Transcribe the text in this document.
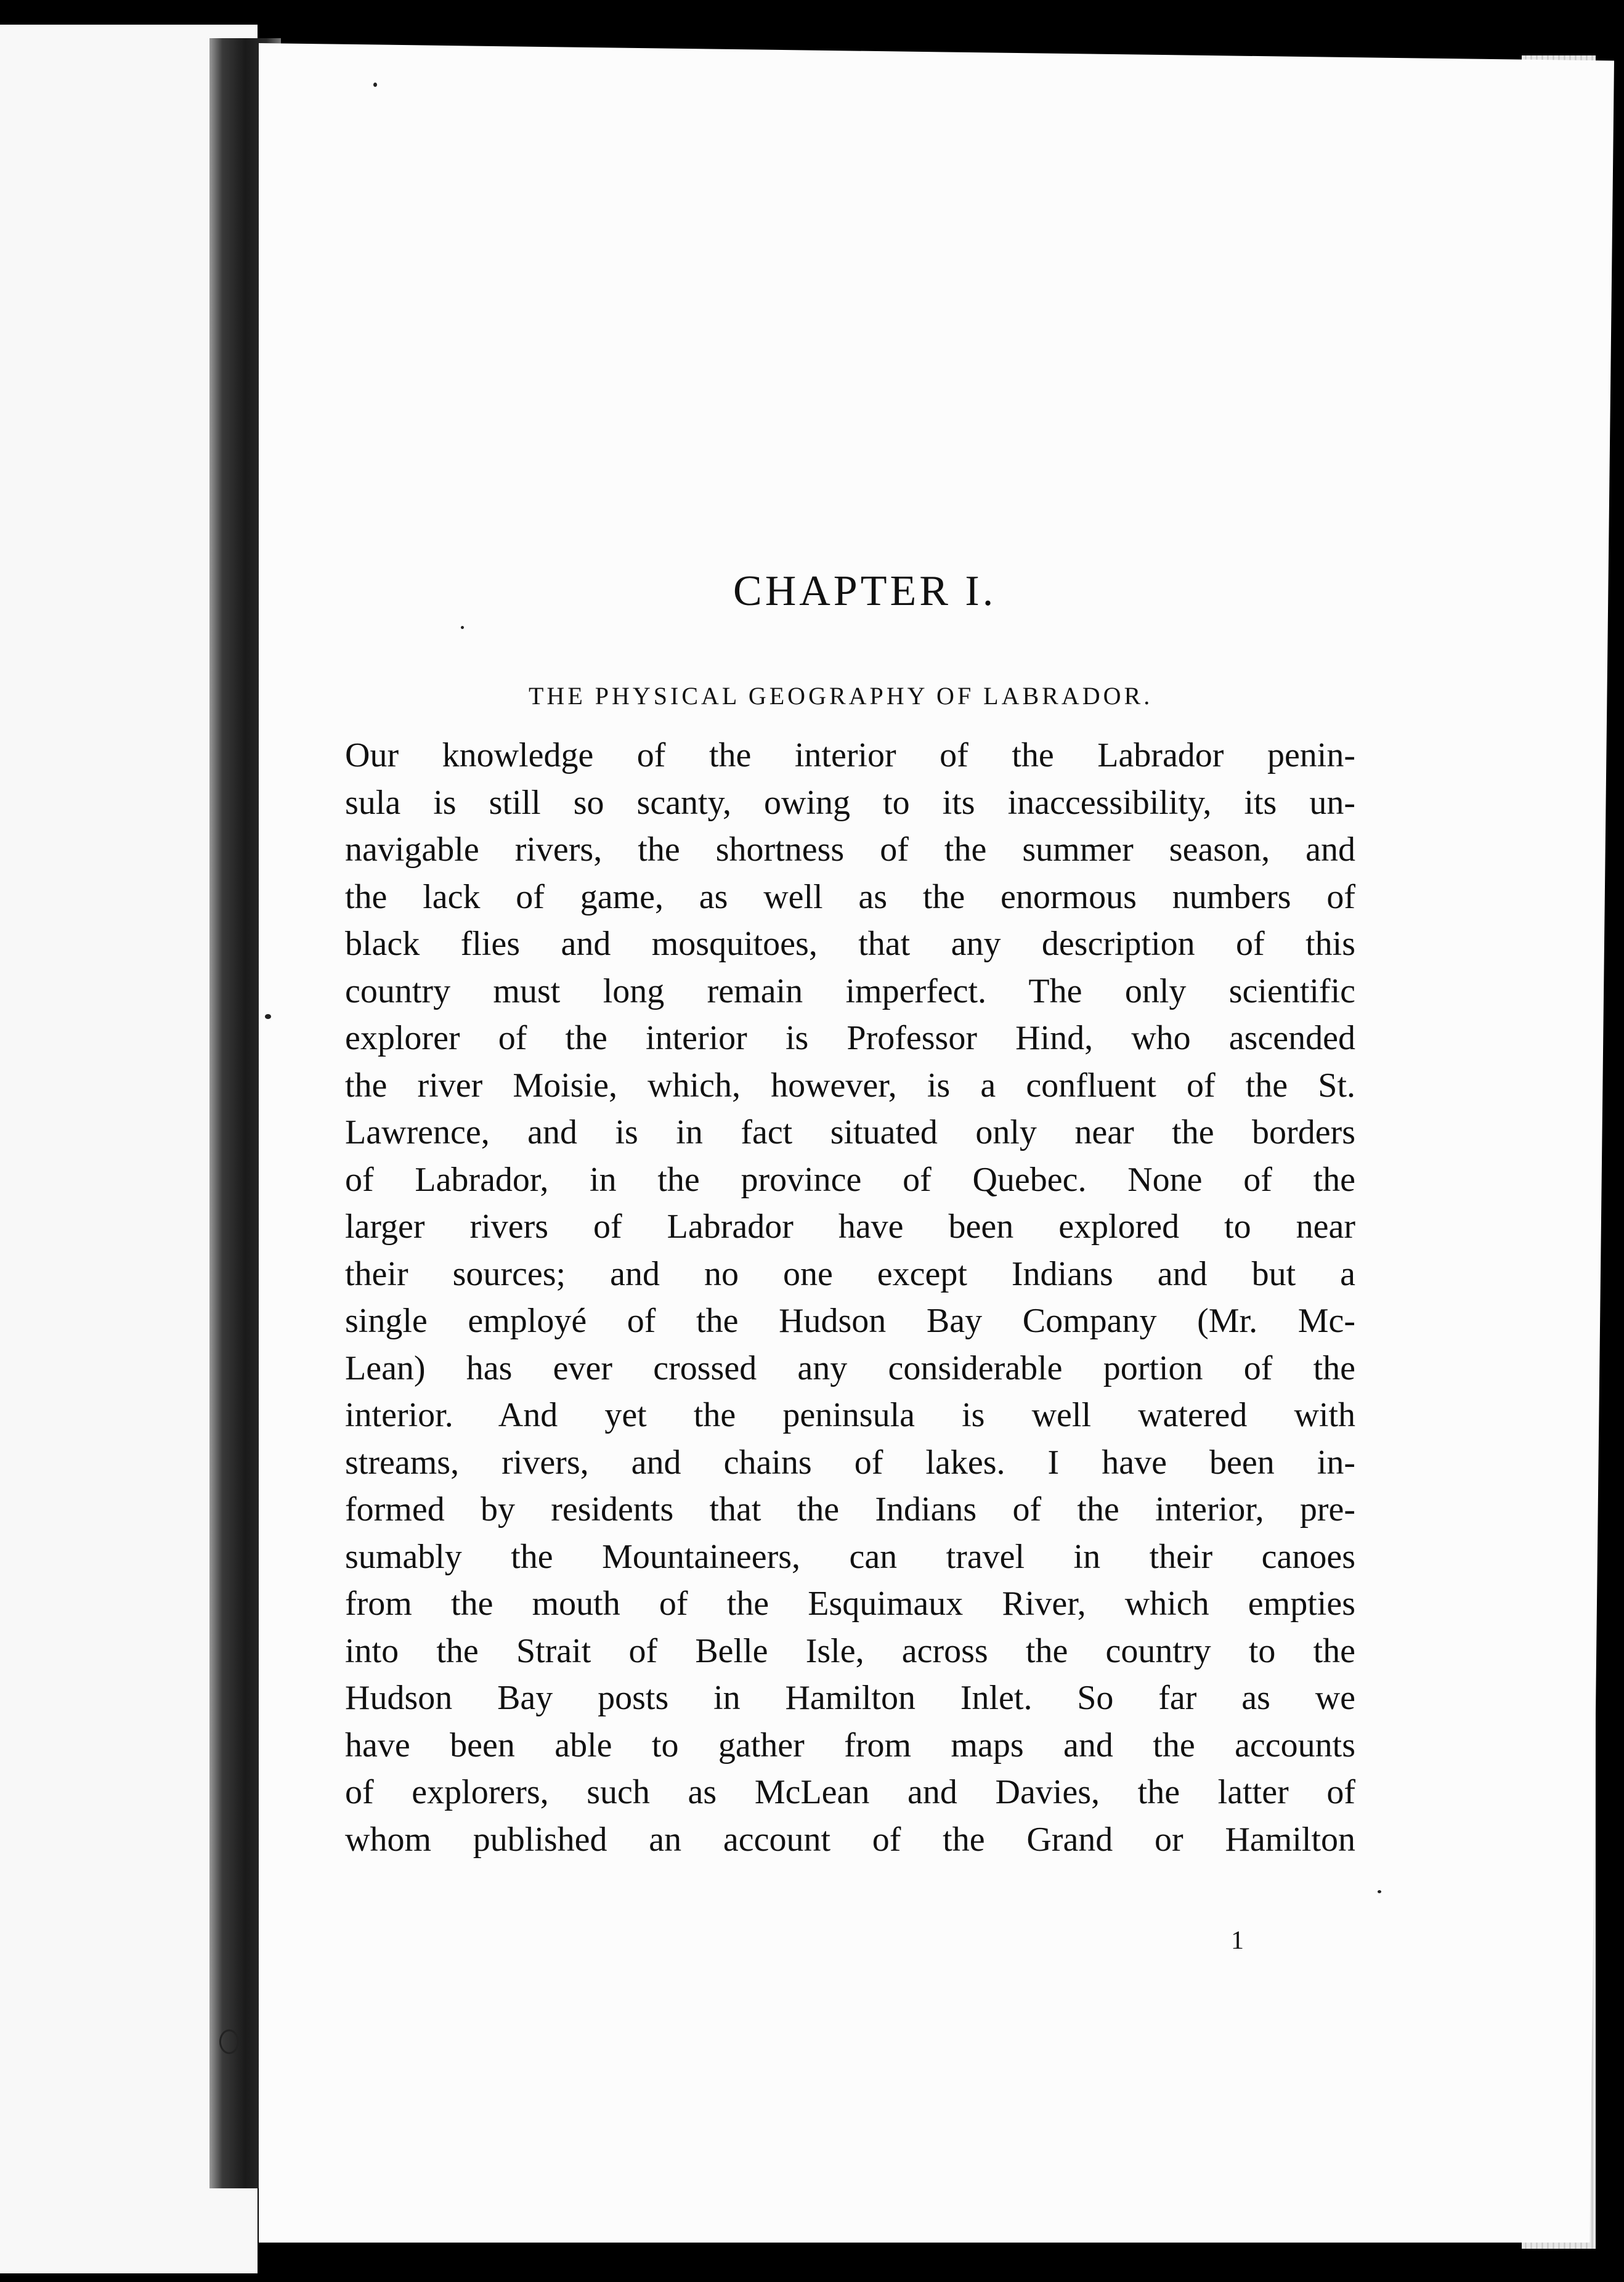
CHAPTER I.
THE PHYSICAL GEOGRAPHY OF LABRADOR.
Our knowledge of the interior of the Labrador penin-
sula is still so scanty, owing to its inaccessibility, its un-
navigable rivers, the shortness of the summer season, and
the lack of game, as well as the enormous numbers of
black flies and mosquitoes, that any description of this
country must long remain imperfect. The only scientific
explorer of the interior is Professor Hind, who ascended
the river Moisie, which, however, is a confluent of the St.
Lawrence, and is in fact situated only near the borders
of Labrador, in the province of Quebec. None of the
larger rivers of Labrador have been explored to near
their sources; and no one except Indians and but a
single employé of the Hudson Bay Company (Mr. Mc-
Lean) has ever crossed any considerable portion of the
interior. And yet the peninsula is well watered with
streams, rivers, and chains of lakes. I have been in-
formed by residents that the Indians of the interior, pre-
sumably the Mountaineers, can travel in their canoes
from the mouth of the Esquimaux River, which empties
into the Strait of Belle Isle, across the country to the
Hudson Bay posts in Hamilton Inlet. So far as we
have been able to gather from maps and the accounts
of explorers, such as McLean and Davies, the latter of
whom published an account of the Grand or Hamilton
1
